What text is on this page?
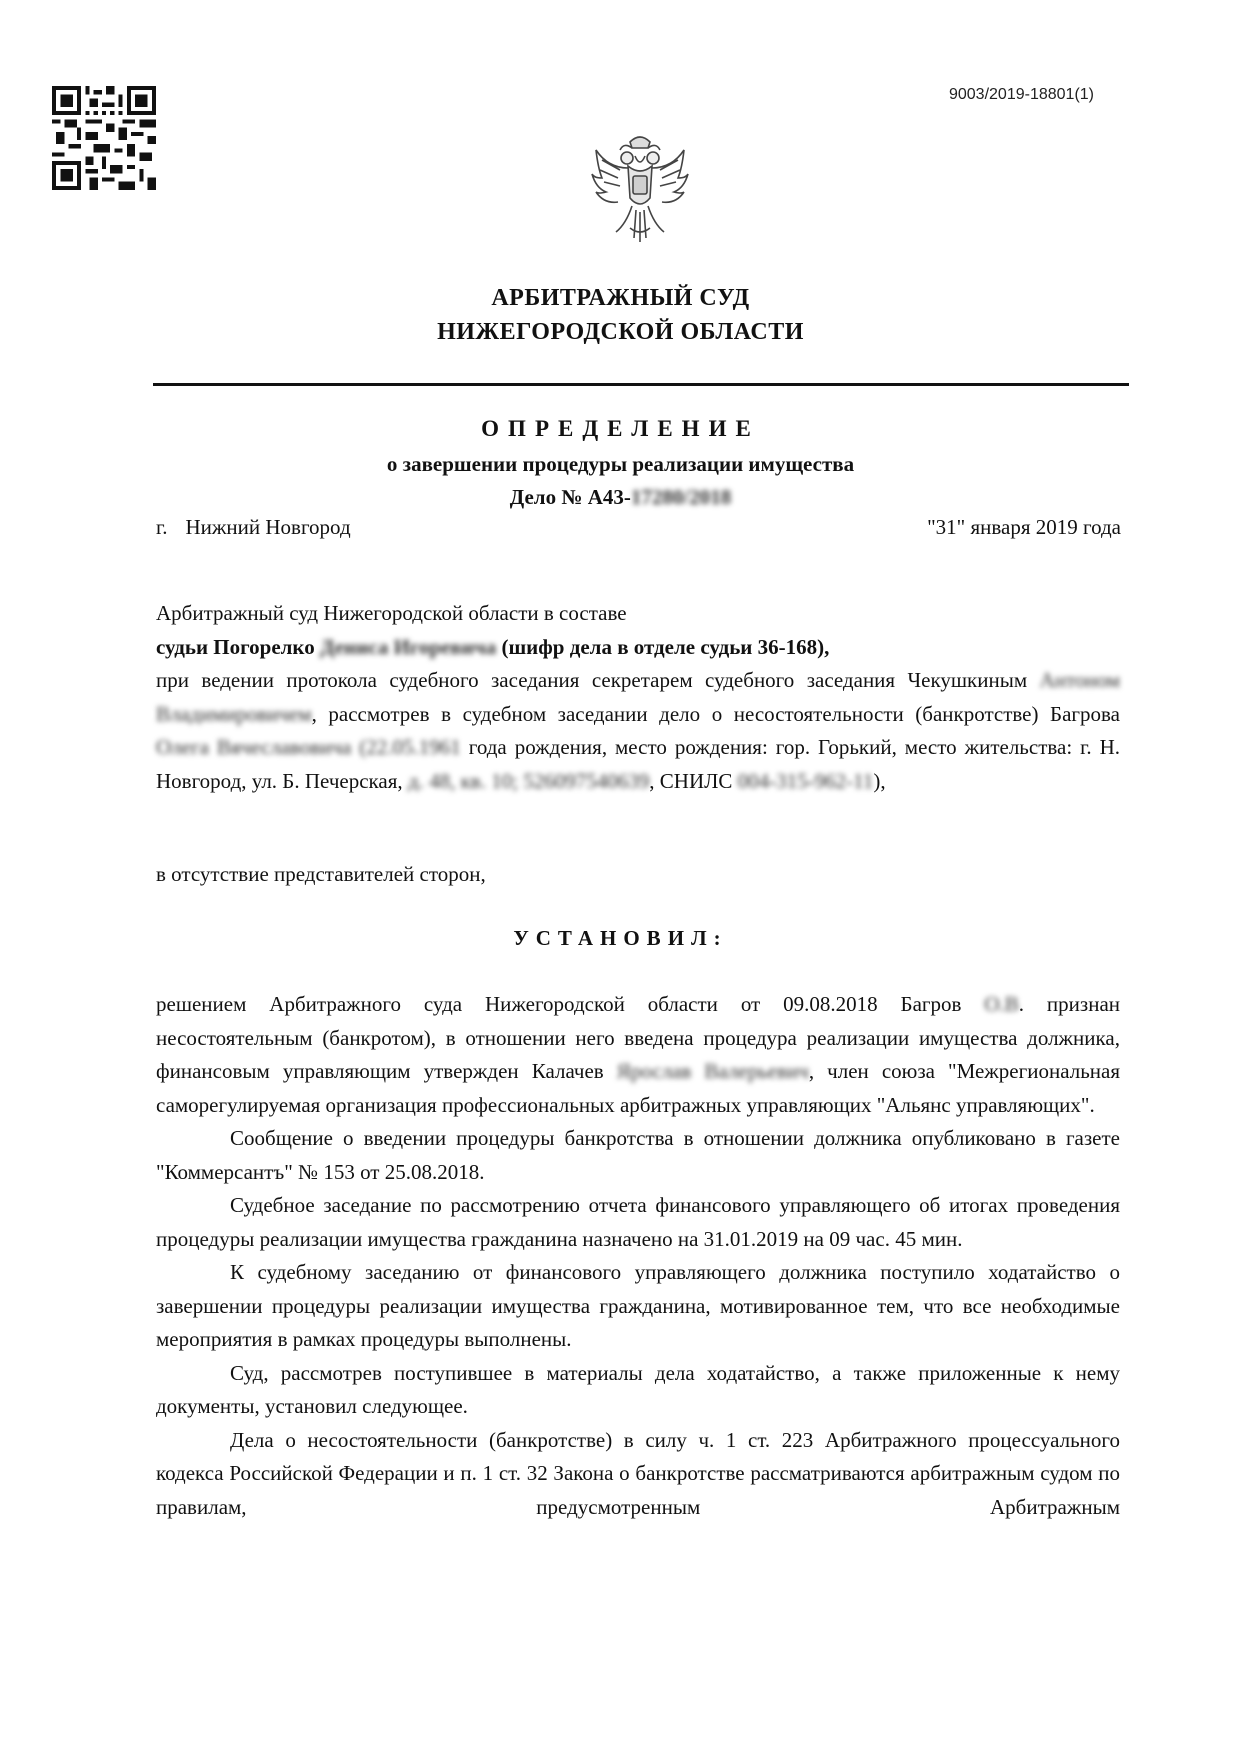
9003/2019-18801(1)
АРБИТРАЖНЫЙ СУД
НИЖЕГОРОДСКОЙ ОБЛАСТИ
ОПРЕДЕЛЕНИЕ
о завершении процедуры реализации имущества
Дело № А43-17280/2018
г. Нижний Новгород	"31" января 2019 года
Арбитражный суд Нижегородской области в составе
судьи Погорелко Дениса Игоревича (шифр дела в отделе судьи 36-168),
при ведении протокола судебного заседания секретарем судебного заседания Чекушкиным Антоном Владимировичем, рассмотрев в судебном заседании дело о несостоятельности (банкротстве) Багрова Олега Вячеславовича (22.05.1961 года рождения, место рождения: гор. Горький, место жительства: г. Н. Новгород, ул. Б. Печерская, д. 48, кв. 10; 526097540639, СНИЛС 004-315-962-11),
в отсутствие представителей сторон,
УСТАНОВИЛ:
решением Арбитражного суда Нижегородской области от 09.08.2018 Багров О.В. признан несостоятельным (банкротом), в отношении него введена процедура реализации имущества должника, финансовым управляющим утвержден Калачев Ярослав Валерьевич, член союза "Межрегиональная саморегулируемая организация профессиональных арбитражных управляющих "Альянс управляющих".
Сообщение о введении процедуры банкротства в отношении должника опубликовано в газете "Коммерсантъ" № 153 от 25.08.2018.
Судебное заседание по рассмотрению отчета финансового управляющего об итогах проведения процедуры реализации имущества гражданина назначено на 31.01.2019 на 09 час. 45 мин.
К судебному заседанию от финансового управляющего должника поступило ходатайство о завершении процедуры реализации имущества гражданина, мотивированное тем, что все необходимые мероприятия в рамках процедуры выполнены.
Суд, рассмотрев поступившее в материалы дела ходатайство, а также приложенные к нему документы, установил следующее.
Дела о несостоятельности (банкротстве) в силу ч. 1 ст. 223 Арбитражного процессуального кодекса Российской Федерации и п. 1 ст. 32 Закона о банкротстве рассматриваются арбитражным судом по правилам, предусмотренным Арбитражным
